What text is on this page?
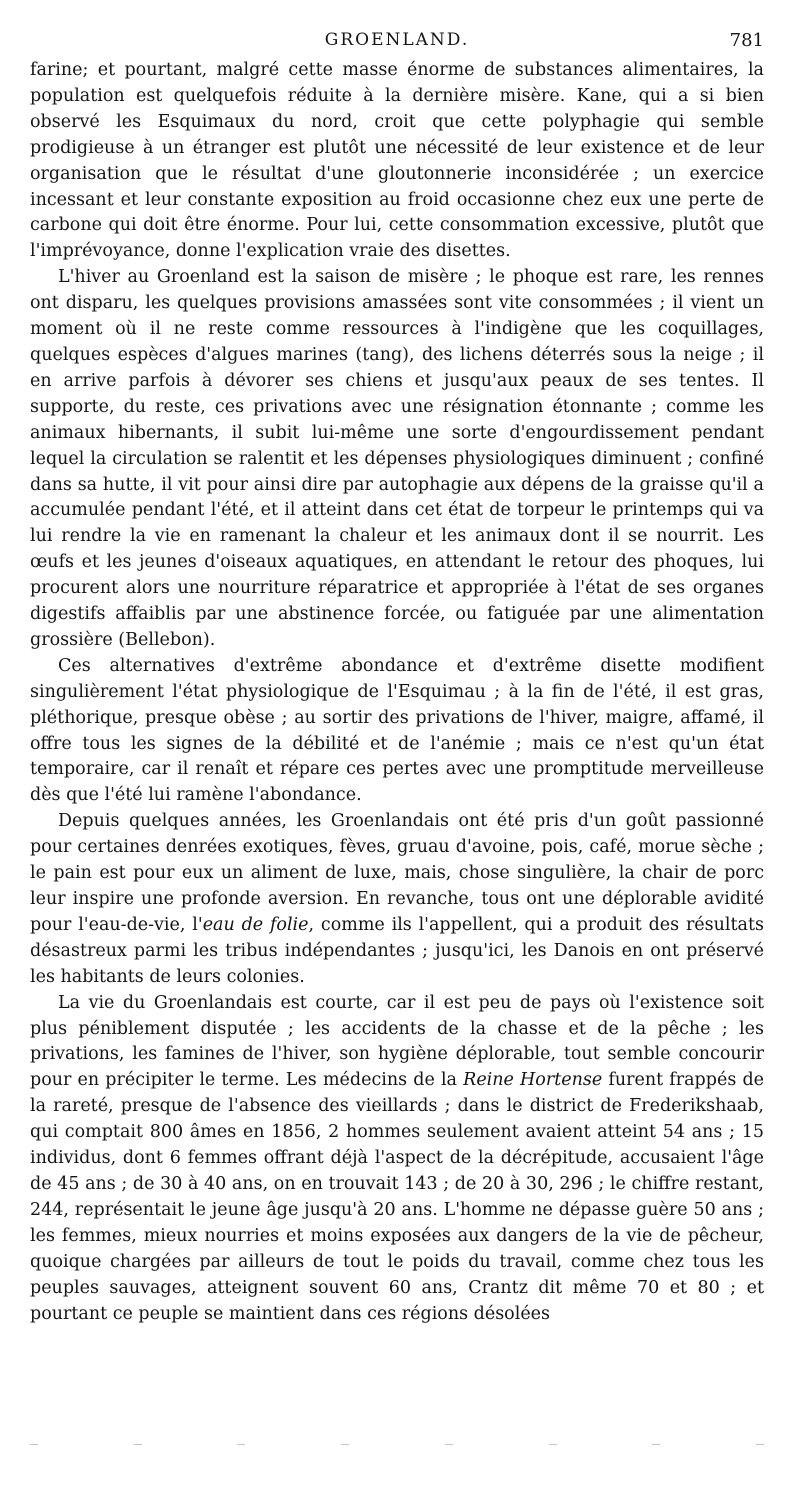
GROENLAND.	781

farine; et pourtant, malgré cette masse énorme de substances alimentaires, la population est quelquefois réduite à la dernière misère. Kane, qui a si bien observé les Esquimaux du nord, croit que cette polyphagie qui semble prodigieuse à un étranger est plutôt une nécessité de leur existence et de leur organisation que le résultat d'une gloutonnerie inconsidérée ; un exercice incessant et leur constante exposition au froid occasionne chez eux une perte de carbone qui doit être énorme. Pour lui, cette consommation excessive, plutôt que l'imprévoyance, donne l'explication vraie des disettes.

L'hiver au Groenland est la saison de misère ; le phoque est rare, les rennes ont disparu, les quelques provisions amassées sont vite consommées ; il vient un moment où il ne reste comme ressources à l'indigène que les coquillages, quelques espèces d'algues marines (tang), des lichens déterrés sous la neige ; il en arrive parfois à dévorer ses chiens et jusqu'aux peaux de ses tentes. Il supporte, du reste, ces privations avec une résignation étonnante ; comme les animaux hibernants, il subit lui-même une sorte d'engourdissement pendant lequel la circulation se ralentit et les dépenses physiologiques diminuent ; confiné dans sa hutte, il vit pour ainsi dire par autophagie aux dépens de la graisse qu'il a accumulée pendant l'été, et il atteint dans cet état de torpeur le printemps qui va lui rendre la vie en ramenant la chaleur et les animaux dont il se nourrit. Les œufs et les jeunes d'oiseaux aquatiques, en attendant le retour des phoques, lui procurent alors une nourriture réparatrice et appropriée à l'état de ses organes digestifs affaiblis par une abstinence forcée, ou fatiguée par une alimentation grossière (Bellebon).

Ces alternatives d'extrême abondance et d'extrême disette modifient singulièrement l'état physiologique de l'Esquimau ; à la fin de l'été, il est gras, pléthorique, presque obèse ; au sortir des privations de l'hiver, maigre, affamé, il offre tous les signes de la débilité et de l'anémie ; mais ce n'est qu'un état temporaire, car il renaît et répare ces pertes avec une promptitude merveilleuse dès que l'été lui ramène l'abondance.

Depuis quelques années, les Groenlandais ont été pris d'un goût passionné pour certaines denrées exotiques, fèves, gruau d'avoine, pois, café, morue sèche ; le pain est pour eux un aliment de luxe, mais, chose singulière, la chair de porc leur inspire une profonde aversion. En revanche, tous ont une déplorable avidité pour l'eau-de-vie, l'eau de folie, comme ils l'appellent, qui a produit des résultats désastreux parmi les tribus indépendantes ; jusqu'ici, les Danois en ont préservé les habitants de leurs colonies.

La vie du Groenlandais est courte, car il est peu de pays où l'existence soit plus péniblement disputée ; les accidents de la chasse et de la pêche ; les privations, les famines de l'hiver, son hygiène déplorable, tout semble concourir pour en précipiter le terme. Les médecins de la Reine Hortense furent frappés de la rareté, presque de l'absence des vieillards ; dans le district de Frederikshaab, qui comptait 800 âmes en 1856, 2 hommes seulement avaient atteint 54 ans ; 15 individus, dont 6 femmes offrant déjà l'aspect de la décrépitude, accusaient l'âge de 45 ans ; de 30 à 40 ans, on en trouvait 143 ; de 20 à 30, 296 ; le chiffre restant, 244, représentait le jeune âge jusqu'à 20 ans. L'homme ne dépasse guère 50 ans ; les femmes, mieux nourries et moins exposées aux dangers de la vie de pêcheur, quoique chargées par ailleurs de tout le poids du travail, comme chez tous les peuples sauvages, atteignent souvent 60 ans, Crantz dit même 70 et 80 ; et pourtant ce peuple se maintient dans ces régions désolées
